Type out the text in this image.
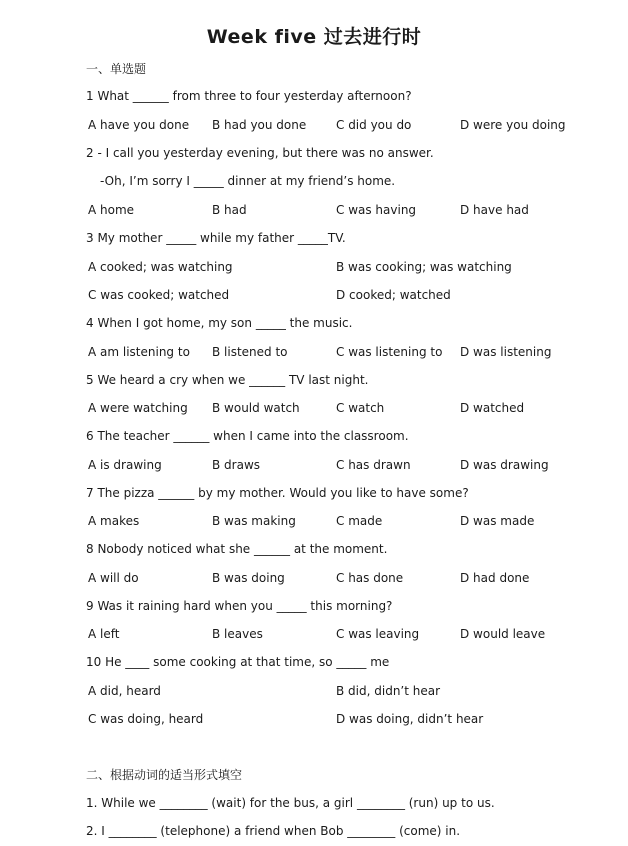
Week five 过去进行时
一、单选题
1 What ______ from three to four yesterday afternoon?
A have you done B had you done C did you do	D were you doing
2 - I call you yesterday evening, but there was no answer.
-Oh, I’m sorry I _____ dinner at my friend’s home.
A home	B had	C was having	D have had
3 My mother _____ while my father _____TV.
A cooked; was watching	B was cooking; was watching
C was cooked; watched	D cooked; watched
4 When I got home, my son _____ the music.
A am listening to B listened to	C was listening to D was listening
5 We heard a cry when we ______ TV last night.
A were watching B would watch	C watch	D watched
6 The teacher ______ when I came into the classroom.
A is drawing	B draws	C has drawn	D was drawing
7 The pizza ______ by my mother. Would you like to have some?
A makes	B was making	C made	D was made
8 Nobody noticed what she ______ at the moment.
A will do	B was doing	C has done	D had done
9 Was it raining hard when you _____ this morning?
A left	B leaves	C was leaving	D would leave
10 He ____ some cooking at that time, so _____ me
A did, heard	B did, didn’t hear
C was doing, heard	D was doing, didn’t hear
二、根据动词的适当形式填空
1. While we ________ (wait) for the bus, a girl ________ (run) up to us.
2. I ________ (telephone) a friend when Bob ________ (come) in.
